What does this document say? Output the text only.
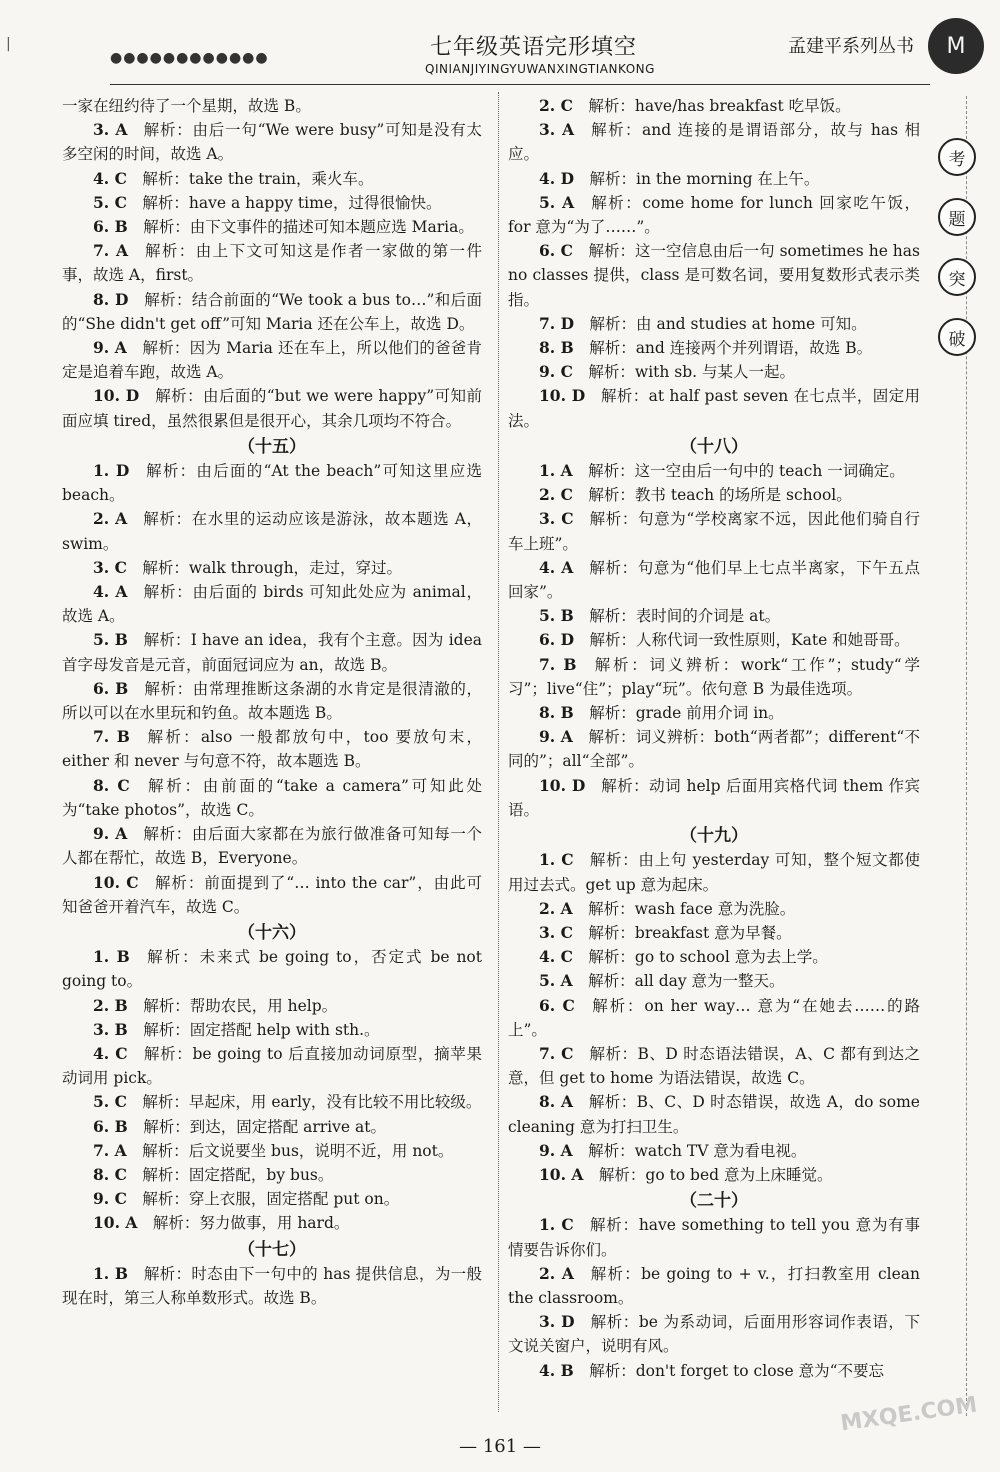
|
●●●●●●●●●●●●	七年级英语完形填空
QINIANJIYINGYUWANXINGTIANKONG
孟建平系列丛书 M
考
题
突
破

一家在纽约待了一个星期，故选 B。

3. A  解析：由后一句“We were busy”可知是没有太多空闲的时间，故选 A。

4. C  解析：take the train，乘火车。

5. C  解析：have a happy time，过得很愉快。

6. B  解析：由下文事件的描述可知本题应选 Maria。

7. A  解析：由上下文可知这是作者一家做的第一件事，故选 A，first。

8. D  解析：结合前面的“We took a bus to…”和后面的“She didn't get off”可知 Maria 还在公车上，故选 D。

9. A  解析：因为 Maria 还在车上，所以他们的爸爸肯定是追着车跑，故选 A。

10. D  解析：由后面的“but we were happy”可知前面应填 tired，虽然很累但是很开心，其余几项均不符合。

（十五）

1. D  解析：由后面的“At the beach”可知这里应选 beach。

2. A  解析：在水里的运动应该是游泳，故本题选 A，swim。

3. C  解析：walk through，走过，穿过。

4. A  解析：由后面的 birds 可知此处应为 animal，故选 A。

5. B  解析：I have an idea，我有个主意。因为 idea 首字母发音是元音，前面冠词应为 an，故选 B。

6. B  解析：由常理推断这条湖的水肯定是很清澈的，所以可以在水里玩和钓鱼。故本题选 B。

7. B  解析：also 一般都放句中，too 要放句末，either 和 never 与句意不符，故本题选 B。

8. C  解析：由前面的“take a camera”可知此处为“take photos”，故选 C。

9. A  解析：由后面大家都在为旅行做准备可知每一个人都在帮忙，故选 B，Everyone。

10. C  解析：前面提到了“… into the car”，由此可知爸爸开着汽车，故选 C。

（十六）

1. B  解析：未来式 be going to，否定式 be not going to。

2. B  解析：帮助农民，用 help。

3. B  解析：固定搭配 help with sth.。

4. C  解析：be going to 后直接加动词原型，摘苹果动词用 pick。

5. C  解析：早起床，用 early，没有比较不用比较级。

6. B  解析：到达，固定搭配 arrive at。

7. A  解析：后文说要坐 bus，说明不近，用 not。

8. C  解析：固定搭配，by bus。

9. C  解析：穿上衣服，固定搭配 put on。

10. A  解析：努力做事，用 hard。

（十七）

1. B  解析：时态由下一句中的 has 提供信息，为一般现在时，第三人称单数形式。故选 B。

2. C  解析：have/has breakfast 吃早饭。

3. A  解析：and 连接的是谓语部分，故与 has 相应。

4. D  解析：in the morning 在上午。

5. A  解析：come home for lunch 回家吃午饭，for 意为“为了……”。

6. C  解析：这一空信息由后一句 sometimes he has no classes 提供，class 是可数名词，要用复数形式表示类指。

7. D  解析：由 and studies at home 可知。

8. B  解析：and 连接两个并列谓语，故选 B。

9. C  解析：with sb. 与某人一起。

10. D  解析：at half past seven 在七点半，固定用法。

（十八）

1. A  解析：这一空由后一句中的 teach 一词确定。

2. C  解析：教书 teach 的场所是 school。

3. C  解析：句意为“学校离家不远，因此他们骑自行车上班”。

4. A  解析：句意为“他们早上七点半离家，下午五点回家”。

5. B  解析：表时间的介词是 at。

6. D  解析：人称代词一致性原则，Kate 和她哥哥。

7. B  解析：词义辨析：work“工作”；study“学习”；live“住”；play“玩”。依句意 B 为最佳选项。

8. B  解析：grade 前用介词 in。

9. A  解析：词义辨析：both“两者都”；different“不同的”；all“全部”。

10. D  解析：动词 help 后面用宾格代词 them 作宾语。

（十九）

1. C  解析：由上句 yesterday 可知，整个短文都使用过去式。get up 意为起床。

2. A  解析：wash face 意为洗脸。

3. C  解析：breakfast 意为早餐。

4. C  解析：go to school 意为去上学。

5. A  解析：all day 意为一整天。

6. C  解析：on her way… 意为“在她去……的路上”。

7. C  解析：B、D 时态语法错误，A、C 都有到达之意，但 get to home 为语法错误，故选 C。

8. A  解析：B、C、D 时态错误，故选 A，do some cleaning 意为打扫卫生。

9. A  解析：watch TV 意为看电视。

10. A  解析：go to bed 意为上床睡觉。

（二十）

1. C  解析：have something to tell you 意为有事情要告诉你们。

2. A  解析：be going to + v.，打扫教室用 clean the classroom。

3. D  解析：be 为系动词，后面用形容词作表语，下文说关窗户，说明有风。

4. B  解析：don't forget to close 意为“不要忘

— 161 —
MXQE.COM
